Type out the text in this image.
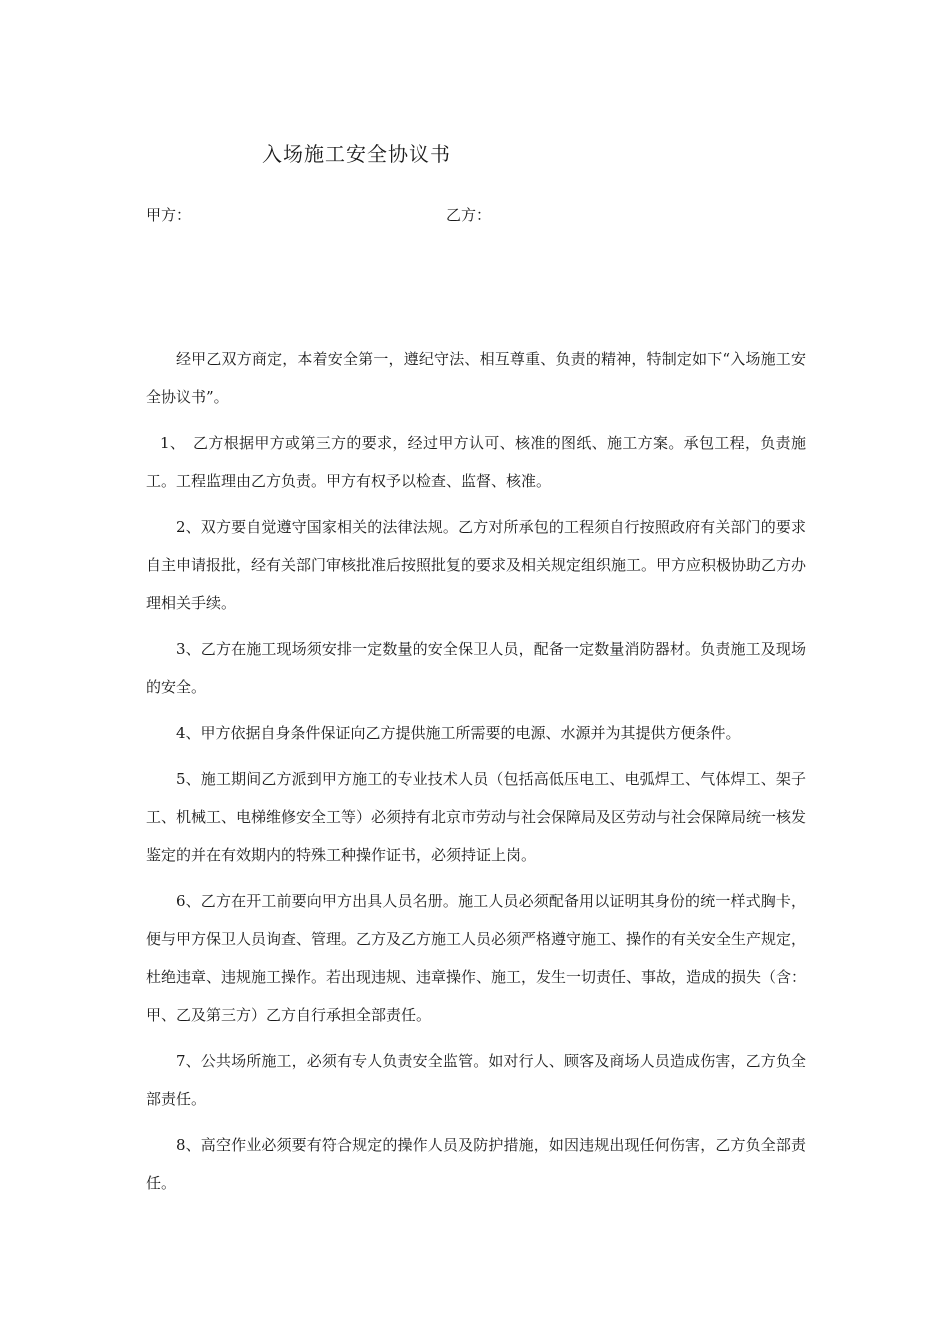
入场施工安全协议书
甲方：	乙方：

经甲乙双方商定，本着安全第一，遵纪守法、相互尊重、负责的精神，特制定如下“入场施工安全协议书”。

1、　乙方根据甲方或第三方的要求，经过甲方认可、核准的图纸、施工方案。承包工程，负责施工。工程监理由乙方负责。甲方有权予以检查、监督、核准。

2、双方要自觉遵守国家相关的法律法规。乙方对所承包的工程须自行按照政府有关部门的要求自主申请报批，经有关部门审核批准后按照批复的要求及相关规定组织施工。甲方应积极协助乙方办理相关手续。

3、乙方在施工现场须安排一定数量的安全保卫人员，配备一定数量消防器材。负责施工及现场的安全。

4、甲方依据自身条件保证向乙方提供施工所需要的电源、水源并为其提供方便条件。

5、施工期间乙方派到甲方施工的专业技术人员（包括高低压电工、电弧焊工、气体焊工、架子工、机械工、电梯维修安全工等）必须持有北京市劳动与社会保障局及区劳动与社会保障局统一核发鉴定的并在有效期内的特殊工种操作证书，必须持证上岗。

6、乙方在开工前要向甲方出具人员名册。施工人员必须配备用以证明其身份的统一样式胸卡，便与甲方保卫人员询查、管理。乙方及乙方施工人员必须严格遵守施工、操作的有关安全生产规定，杜绝违章、违规施工操作。若出现违规、违章操作、施工，发生一切责任、事故，造成的损失（含：甲、乙及第三方）乙方自行承担全部责任。

7、公共场所施工，必须有专人负责安全监管。如对行人、顾客及商场人员造成伤害，乙方负全部责任。

8、高空作业必须要有符合规定的操作人员及防护措施，如因违规出现任何伤害，乙方负全部责任。
